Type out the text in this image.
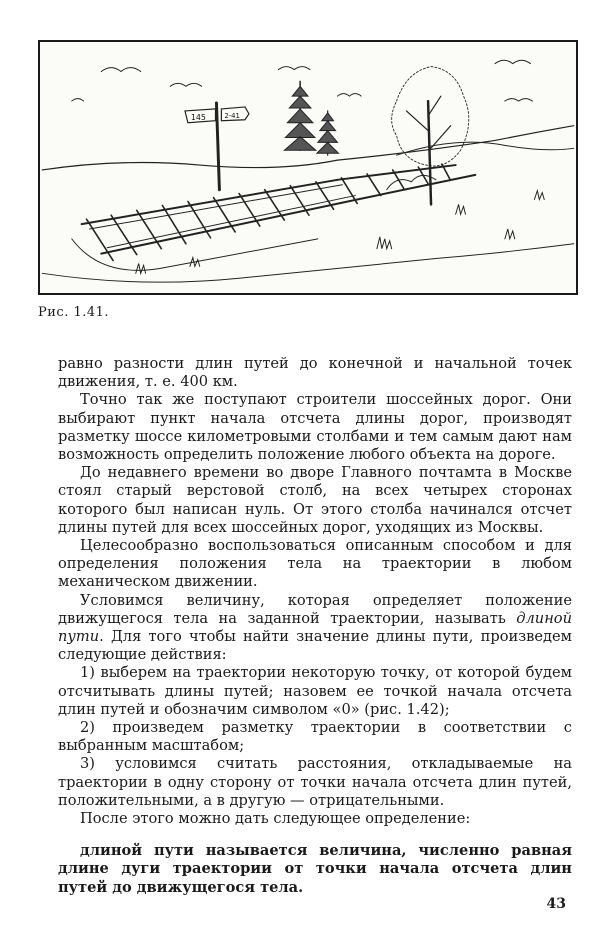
145	2-41
Рис. 1.41.

равно разности длин путей до конечной и начальной точек движения, т. е. 400 км.

Точно так же поступают строители шоссейных дорог. Они выбирают пункт начала отсчета длины дорог, производят разметку шоссе километровыми столбами и тем самым дают нам возможность определить положение любого объекта на дороге.

До недавнего времени во дворе Главного почтамта в Москве стоял старый верстовой столб, на всех четырех сторонах которого был написан нуль. От этого столба начинался отсчет длины путей для всех шоссейных дорог, уходящих из Москвы.

Целесообразно воспользоваться описанным способом и для определения положения тела на траектории в любом механическом движении.

Условимся величину, которая определяет положение движущегося тела на заданной траектории, называть длиной пути. Для того чтобы найти значение длины пути, произведем следующие действия:

1) выберем на траектории некоторую точку, от которой будем отсчитывать длины путей; назовем ее точкой начала отсчета длин путей и обозначим символом «0» (рис. 1.42);

2) произведем разметку траектории в соответствии с выбранным масштабом;

3) условимся считать расстояния, откладываемые на траектории в одну сторону от точки начала отсчета длин путей, положительными, а в другую — отрицательными.

После этого можно дать следующее определение:

длиной пути называется величина, численно равная длине дуги траектории от точки начала отсчета длин путей до движущегося тела.

43
